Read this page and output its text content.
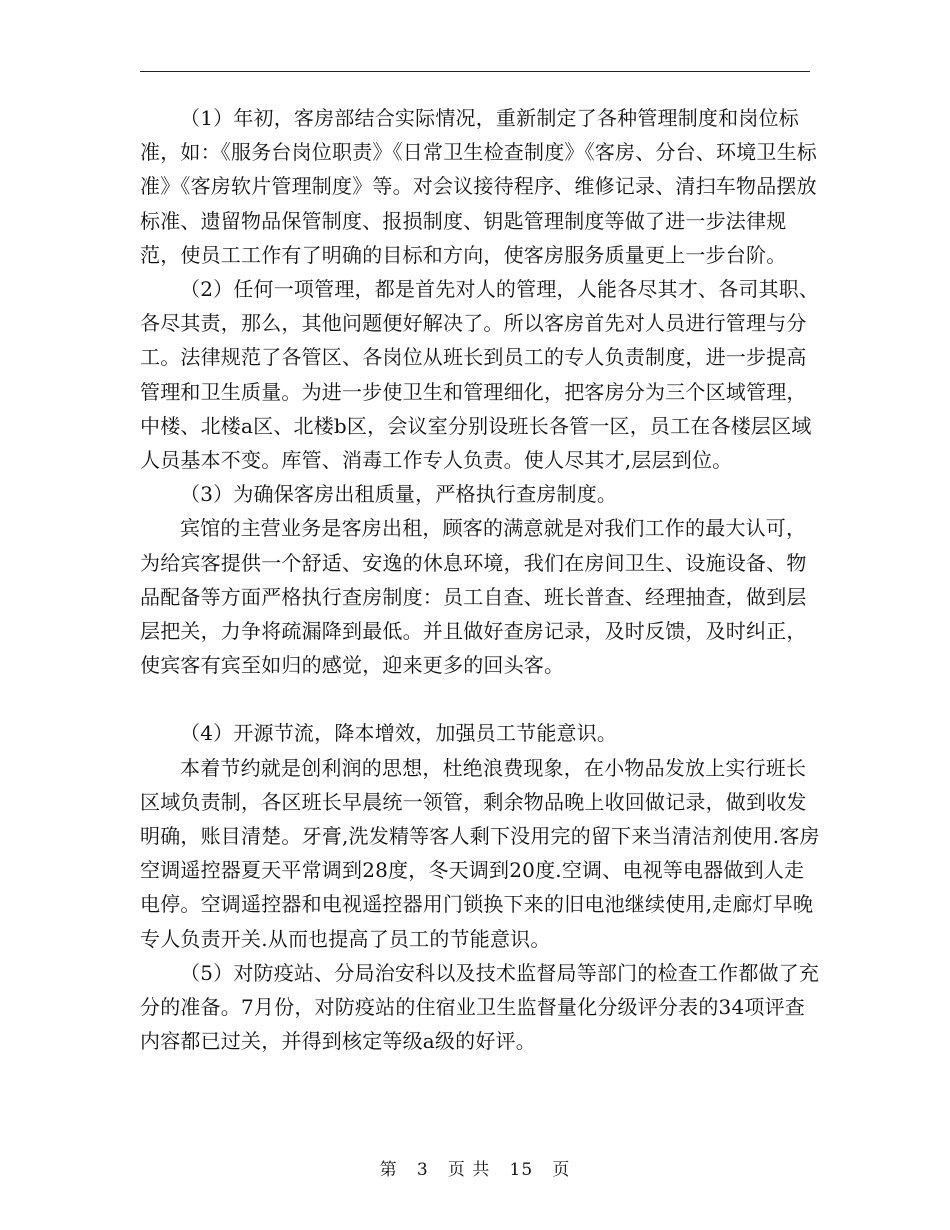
（1）年初，客房部结合实际情况，重新制定了各种管理制度和岗位标准，如：《服务台岗位职责》《日常卫生检查制度》《客房、分台、环境卫生标准》《客房软片管理制度》等。对会议接待程序、维修记录、清扫车物品摆放标准、遗留物品保管制度、报损制度、钥匙管理制度等做了进一步法律规范，使员工工作有了明确的目标和方向，使客房服务质量更上一步台阶。

（2）任何一项管理，都是首先对人的管理，人能各尽其才、各司其职、各尽其责，那么，其他问题便好解决了。所以客房首先对人员进行管理与分工。法律规范了各管区、各岗位从班长到员工的专人负责制度，进一步提高管理和卫生质量。为进一步使卫生和管理细化，把客房分为三个区域管理，中楼、北楼a区、北楼b区，会议室分别设班长各管一区，员工在各楼层区域人员基本不变。库管、消毒工作专人负责。使人尽其才,层层到位。

（3）为确保客房出租质量，严格执行查房制度。

宾馆的主营业务是客房出租，顾客的满意就是对我们工作的最大认可，为给宾客提供一个舒适、安逸的休息环境，我们在房间卫生、设施设备、物品配备等方面严格执行查房制度：员工自查、班长普查、经理抽查，做到层层把关，力争将疏漏降到最低。并且做好查房记录，及时反馈，及时纠正，使宾客有宾至如归的感觉，迎来更多的回头客。

（4）开源节流，降本增效，加强员工节能意识。

本着节约就是创利润的思想，杜绝浪费现象，在小物品发放上实行班长区域负责制，各区班长早晨统一领管，剩余物品晚上收回做记录，做到收发明确，账目清楚。牙膏,洗发精等客人剩下没用完的留下来当清洁剂使用.客房空调遥控器夏天平常调到28度，冬天调到20度.空调、电视等电器做到人走电停。空调遥控器和电视遥控器用门锁换下来的旧电池继续使用,走廊灯早晚专人负责开关.从而也提高了员工的节能意识。

（5）对防疫站、分局治安科以及技术监督局等部门的检查工作都做了充分的准备。7月份，对防疫站的住宿业卫生监督量化分级评分表的34项评查内容都已过关，并得到核定等级a级的好评。

第 3 页 共 15 页
